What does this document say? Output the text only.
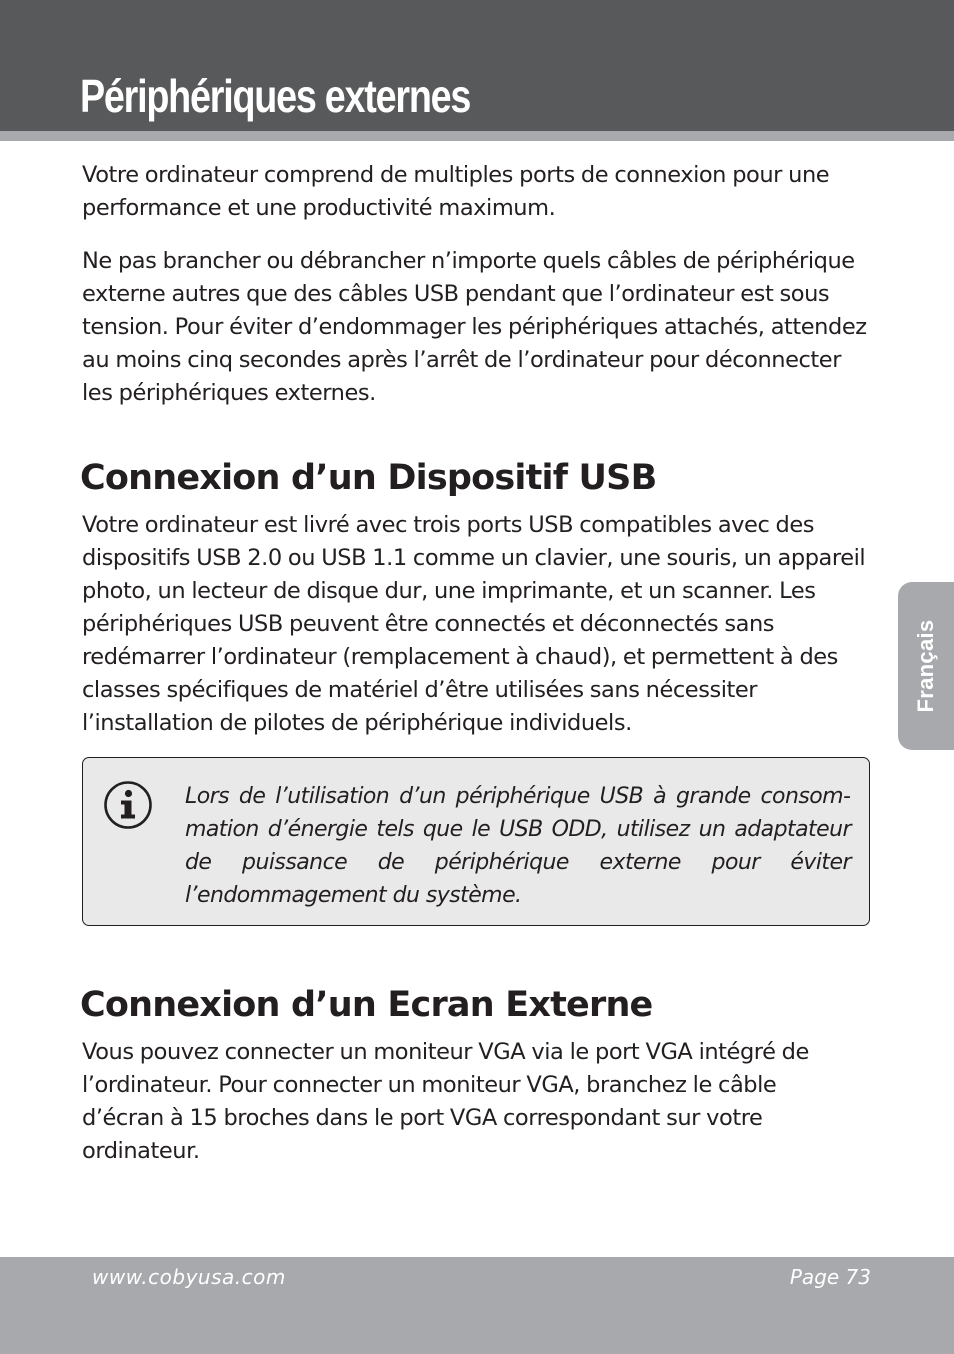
Périphériques externes

Votre ordinateur comprend de multiples ports de connexion pour une performance et une productivité maximum.

Ne pas brancher ou débrancher n’importe quels câbles de périphérique externe autres que des câbles USB pendant que l’ordinateur est sous tension. Pour éviter d’endommager les périphériques attachés, attendez au moins cinq secondes après l’arrêt de l’ordinateur pour déconnecter les périphériques externes.

Connexion d’un Dispositif USB

Votre ordinateur est livré avec trois ports USB compatibles avec des dispositifs USB 2.0 ou USB 1.1 comme un clavier, une souris, un appareil photo, un lecteur de disque dur, une imprimante, et un scanner. Les périphériques USB peuvent être connectés et déconnectés sans redémarrer l’ordinateur (remplacement à chaud), et permettent à des classes spécifiques de matériel d’être utilisées sans nécessiter l’installation de pilotes de périphérique individuels.

Lors de l’utilisation d’un périphérique USB à grande consommation d’énergie tels que le USB ODD, utilisez un adaptateur de puissance de périphérique externe pour éviter l’endommagement du système.

Connexion d’un Ecran Externe

Vous pouvez connecter un moniteur VGA via le port VGA intégré de l’ordinateur. Pour connecter un moniteur VGA, branchez le câble d’écran à 15 broches dans le port VGA correspondant sur votre ordinateur.

Français
www.cobyusa.com	Page 73
